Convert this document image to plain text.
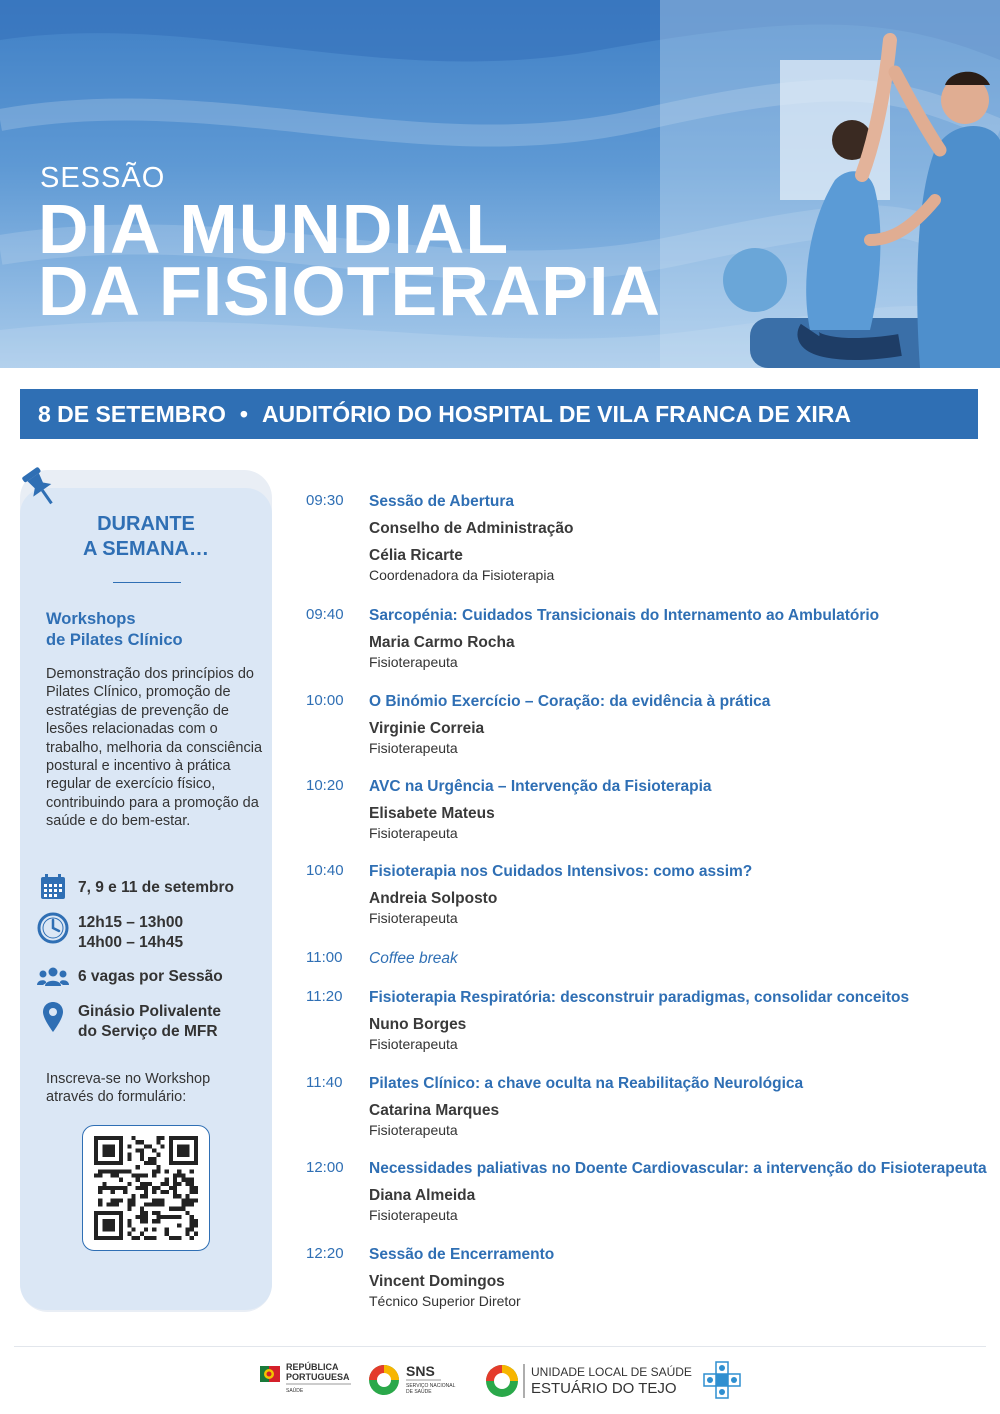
SESSÃO
DIA MUNDIAL
DA FISIOTERAPIA
8 DE SETEMBRO • AUDITÓRIO DO HOSPITAL DE VILA FRANCA DE XIRA
DURANTE
A SEMANA…
Workshops
de Pilates Clínico
Demonstração dos princípios do Pilates Clínico, promoção de estratégias de prevenção de lesões relacionadas com o trabalho, melhoria da consciência postural e incentivo à prática regular de exercício físico, contribuindo para a promoção da saúde e do bem-estar.
7, 9 e 11 de setembro
12h15 – 13h00
14h00 – 14h45
6 vagas por Sessão
Ginásio Polivalente
do Serviço de MFR
Inscreva-se no Workshop
através do formulário:
09:30 Sessão de Abertura
Conselho de Administração
Célia Ricarte
Coordenadora da Fisioterapia
09:40 Sarcopénia: Cuidados Transicionais do Internamento ao Ambulatório
Maria Carmo Rocha
Fisioterapeuta
10:00 O Binómio Exercício – Coração: da evidência à prática
Virginie Correia
Fisioterapeuta
10:20 AVC na Urgência – Intervenção da Fisioterapia
Elisabete Mateus
Fisioterapeuta
10:40 Fisioterapia nos Cuidados Intensivos: como assim?
Andreia Solposto
Fisioterapeuta
11:00 Coffee break
11:20 Fisioterapia Respiratória: desconstruir paradigmas, consolidar conceitos
Nuno Borges
Fisioterapeuta
11:40 Pilates Clínico: a chave oculta na Reabilitação Neurológica
Catarina Marques
Fisioterapeuta
12:00 Necessidades paliativas no Doente Cardiovascular: a intervenção do Fisioterapeuta
Diana Almeida
Fisioterapeuta
12:20 Sessão de Encerramento
Vincent Domingos
Técnico Superior Diretor
REPÚBLICA
PORTUGUESA
SAÚDE
SNS
SERVIÇO NACIONAL
DE SAÚDE
UNIDADE LOCAL DE SAÚDE
ESTUÁRIO DO TEJO
